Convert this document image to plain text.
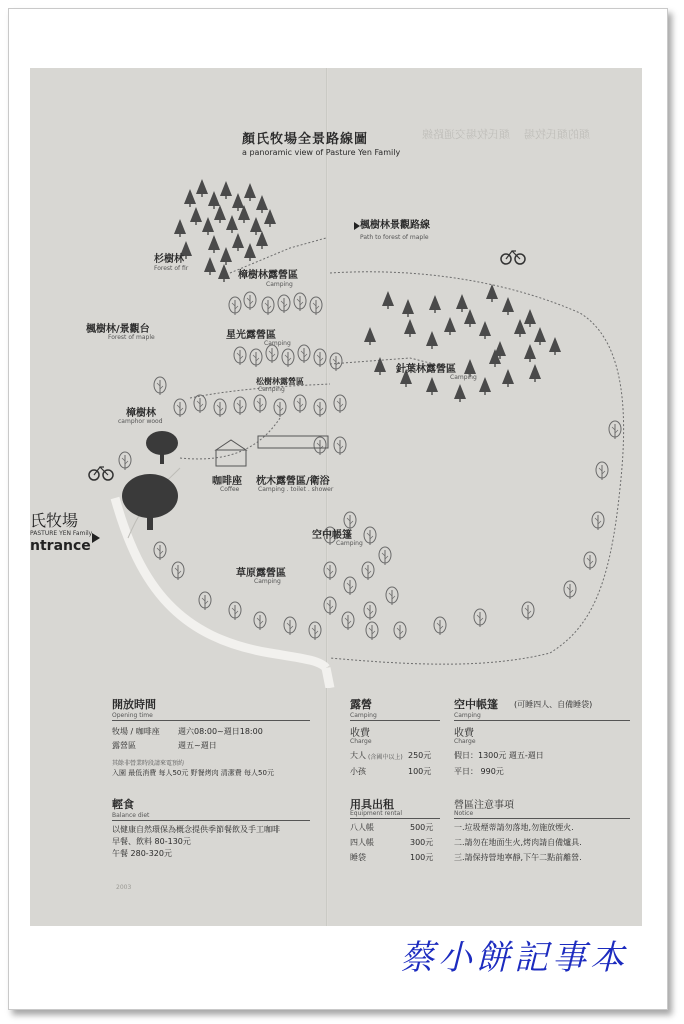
顏氏牧場交通路線 顏的顏氏牧場
顏氏牧場全景路線圖
a panoramic view of Pasture Yen Family
楓樹林景觀路線
Path to forest of maple
杉樹林
Forest of fir
樟樹林露營區
Camping
楓樹林/景觀台
Forest of maple	星光露營區
Camping
松樹林露營區
Camping
針葉林露營區
Camping
樟樹林
camphor wood
咖啡座
Coffee
枕木露營區/衛浴
Camping . toilet . shower
空中帳篷
Camping
草原露營區
Camping
氏牧場
PASTURE YEN Family
ntrance
開放時間
Opening time
牧場 / 咖啡座 週六08:00~週日18:00
露營區	週五~週日
其餘非營業時段請來電預約
入園 最低消費 每人50元 野餐烤肉 清潔費 每人50元
輕食
Balance diet
以健康自然環保為概念提供季節餐飲及手工咖啡
早餐、飲料 80-130元
午餐 280-320元
2003
露營
Camping
收費
Charge
大人 (含國中以上) 250元
小孩	100元
用具出租
Equipment rental
八人帳	500元
四人帳	300元
睡袋	100元
空中帳篷 (可睡四人、自備睡袋)
Camping
收費
Charge
假日：1300元 週五-週日
平日： 990元
營區注意事項
Notice
一.垃圾煙蒂請勿落地,勿施放煙火.
二.請勿在地面生火,烤肉請自備爐具.
三.請保持營地寧靜,下午二點前離營.
蔡小餅記事本
